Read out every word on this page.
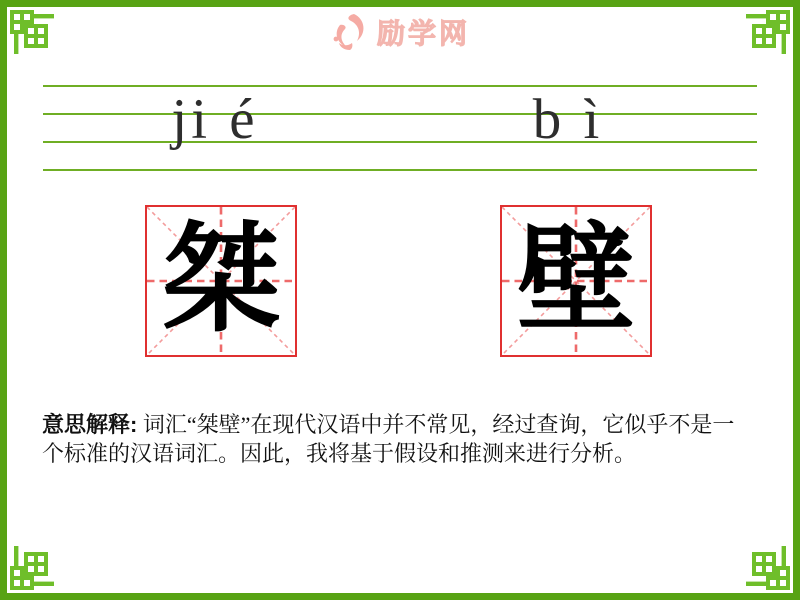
励学网
ji é	b ì
桀 壁

意思解释: 词汇“桀壁”在现代汉语中并不常见，经过查询，它似乎不是一个标准的汉语词汇。因此，我将基于假设和推测来进行分析。
